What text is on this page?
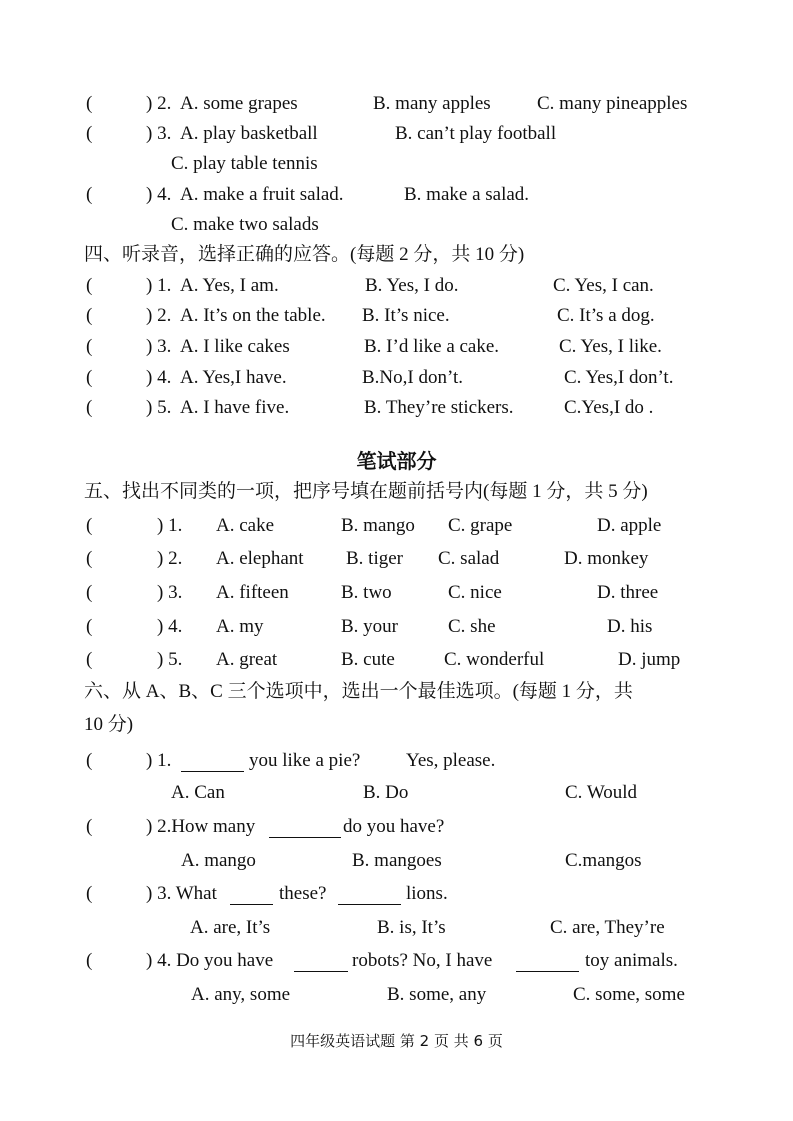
(	) 2. A. some grapes	B. many apples C. many pineapples
(	) 3. A. play basketball	B. can’t play football
C. play table tennis
(	) 4. A. make a fruit salad.	B. make a salad.
C. make two salads
四、听录音，选择正确的应答。(每题 2 分，共 10 分)
(	) 1. A. Yes, I am.	B. Yes, I do.	C. Yes, I can.
(	) 2. A. It’s on the table. B. It’s nice.	C. It’s a dog.
(	) 3. A. I like cakes	B. I’d like a cake.	C. Yes, I like.
(	) 4. A. Yes,I have.	B.No,I don’t.	C. Yes,I don’t.
(	) 5. A. I have five.	B. They’re stickers.	C.Yes,I do .
笔试部分
五、找出不同类的一项，把序号填在题前括号内(每题 1 分，共 5 分)
(	) 1. A. cake	B. mango C. grape	D. apple
(	) 2. A. elephant B. tiger C. salad	D. monkey
(	) 3. A. fifteen	B. two	C. nice	D. three
(	) 4. A. my	B. your	C. she	D. his
(	) 5. A. great	B. cute	C. wonderful	D. jump
六、从 A、B、C 三个选项中，选出一个最佳选项。(每题 1 分，共
10 分)
(	) 1.	you like a pie? Yes, please.
A. Can	B. Do	C. Would
(	) 2.How many	do you have?
A. mango	B. mangoes	C.mangos
(	) 3. What	these?	lions.
A. are, It’s	B. is, It’s	C. are, They’re
(	) 4. Do you have	robots? No, I have	toy animals.
A. any, some	B. some, any	C. some, some
四年级英语试题 第 2 页 共 6 页
